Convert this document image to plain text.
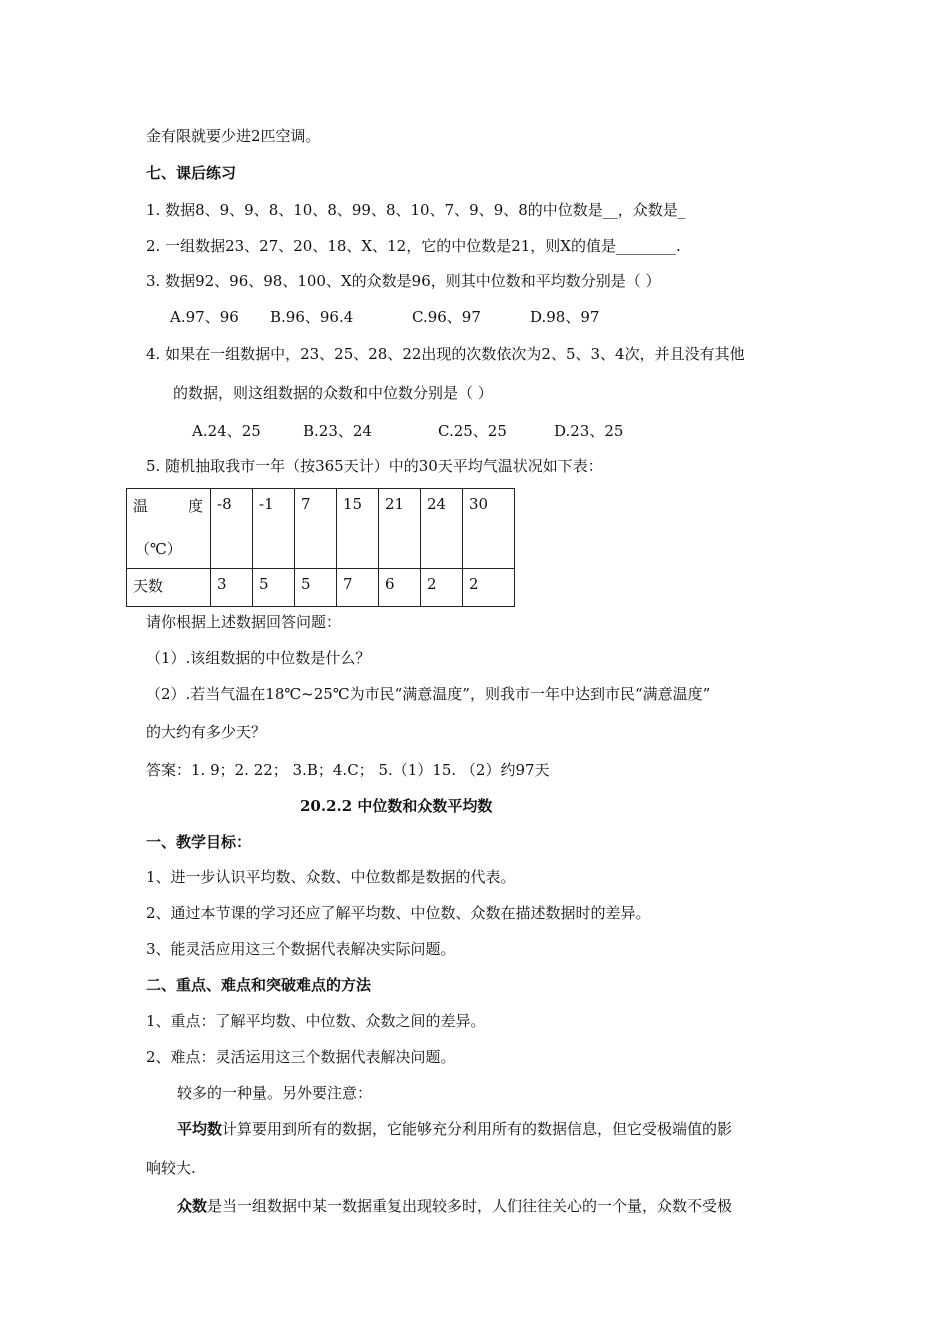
金有限就要少进2匹空调。
七、课后练习
1. 数据8、9、9、8、10、8、99、8、10、7、9、9、8的中位数是__，众数是_
2. 一组数据23、27、20、18、X、12，它的中位数是21，则X的值是________.
3. 数据92、96、98、100、X的众数是96，则其中位数和平均数分别是（ ）
A.97、96 B.96、96.4	C.96、97	D.98、97
4. 如果在一组数据中，23、25、28、22出现的次数依次为2、5、3、4次，并且没有其他
的数据，则这组数据的众数和中位数分别是（ ）
A.24、25	B.23、24	C.25、25	D.23、25
5. 随机抽取我市一年（按365天计）中的30天平均气温状况如下表：
温 度
（℃）	-8	-1	7	15	21	24	30
天数	3	5	5	7	6	2	2
请你根据上述数据回答问题：
（1）.该组数据的中位数是什么？
（2）.若当气温在18℃~25℃为市民“满意温度”，则我市一年中达到市民“满意温度”
的大约有多少天？
答案：1. 9；2. 22； 3.B；4.C； 5.（1）15. （2）约97天
20.2.2 中位数和众数平均数
一、教学目标：
1、进一步认识平均数、众数、中位数都是数据的代表。
2、通过本节课的学习还应了解平均数、中位数、众数在描述数据时的差异。
3、能灵活应用这三个数据代表解决实际问题。
二、重点、难点和突破难点的方法
1、重点：了解平均数、中位数、众数之间的差异。
2、难点：灵活运用这三个数据代表解决问题。
较多的一种量。另外要注意：
平均数计算要用到所有的数据，它能够充分利用所有的数据信息，但它受极端值的影
响较大.
众数是当一组数据中某一数据重复出现较多时，人们往往关心的一个量，众数不受极
